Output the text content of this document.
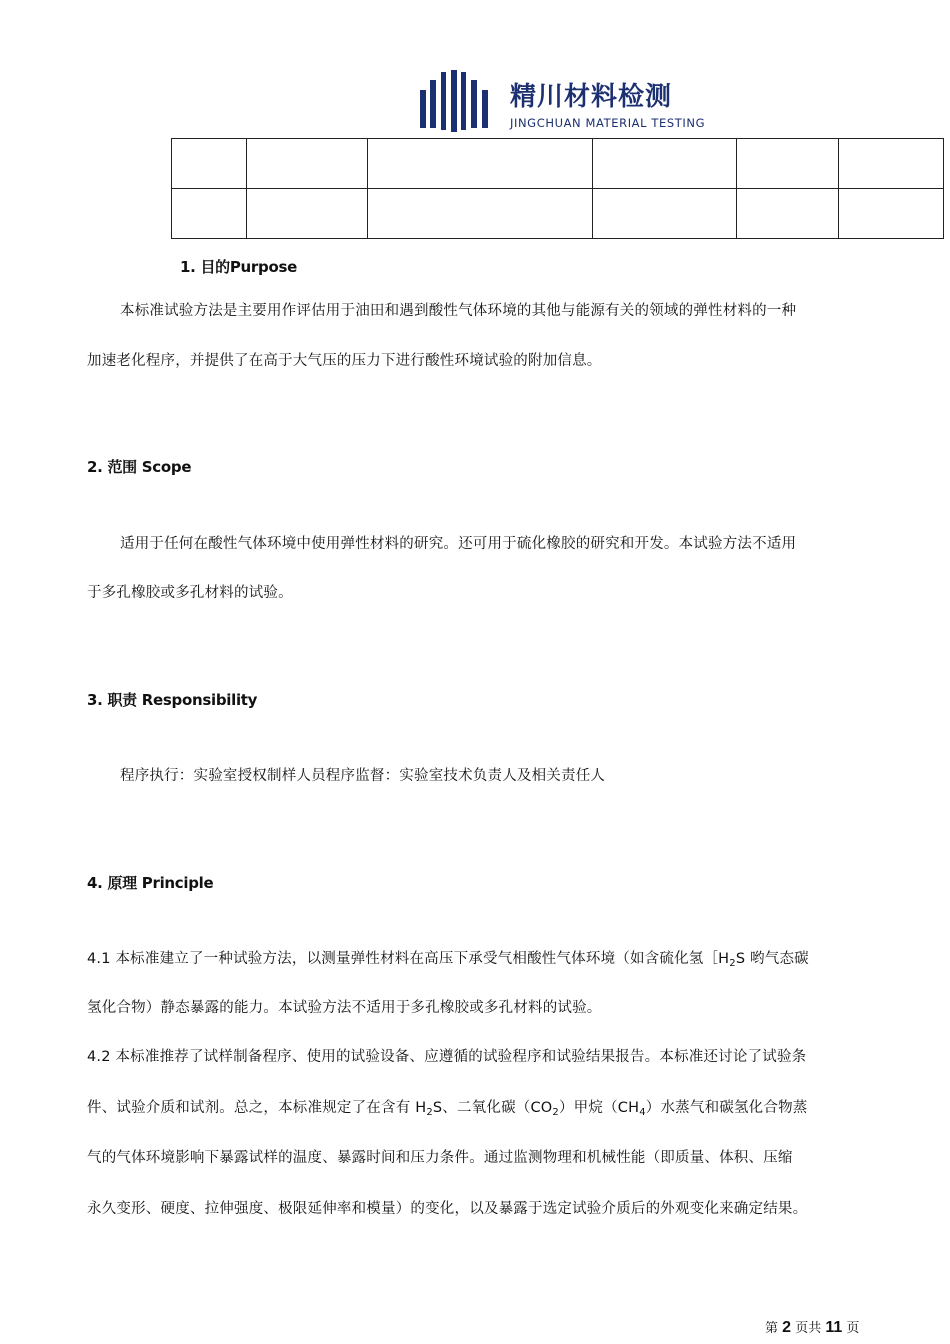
精川材料检测
JINGCHUAN MATERIAL TESTING

1. 目的Purpose
本标准试验方法是主要用作评估用于油田和遇到酸性气体环境的其他与能源有关的领域的弹性材料的一种
加速老化程序，并提供了在高于大气压的压力下进行酸性环境试验的附加信息。
2. 范围 Scope
适用于任何在酸性气体环境中使用弹性材料的研究。还可用于硫化橡胶的研究和开发。本试验方法不适用
于多孔橡胶或多孔材料的试验。
3. 职责 Responsibility
程序执行：实验室授权制样人员程序监督：实验室技术负责人及相关责任人
4. 原理 Principle
4.1 本标准建立了一种试验方法，以测量弹性材料在高压下承受气相酸性气体环境（如含硫化氢$[H_2S$ 哟气态碳
氢化合物）静态暴露的能力。本试验方法不适用于多孔橡胶或多孔材料的试验。
4.2 本标准推荐了试样制备程序、使用的试验设备、应遵循的试验程序和试验结果报告。本标准还讨论了试验条
件、试验介质和试剂。总之，本标准规定了在含有 $H_2S$、二氧化碳$(CO_2)$甲烷$(CH_4)$水蒸气和碳氢化合物蒸
气的气体环境影响下暴露试样的温度、暴露时间和压力条件。通过监测物理和机械性能（即质量、体积、压缩
永久变形、硬度、拉伸强度、极限延伸率和模量）的变化，以及暴露于选定试验介质后的外观变化来确定结果。
第 2 页共 11 页
